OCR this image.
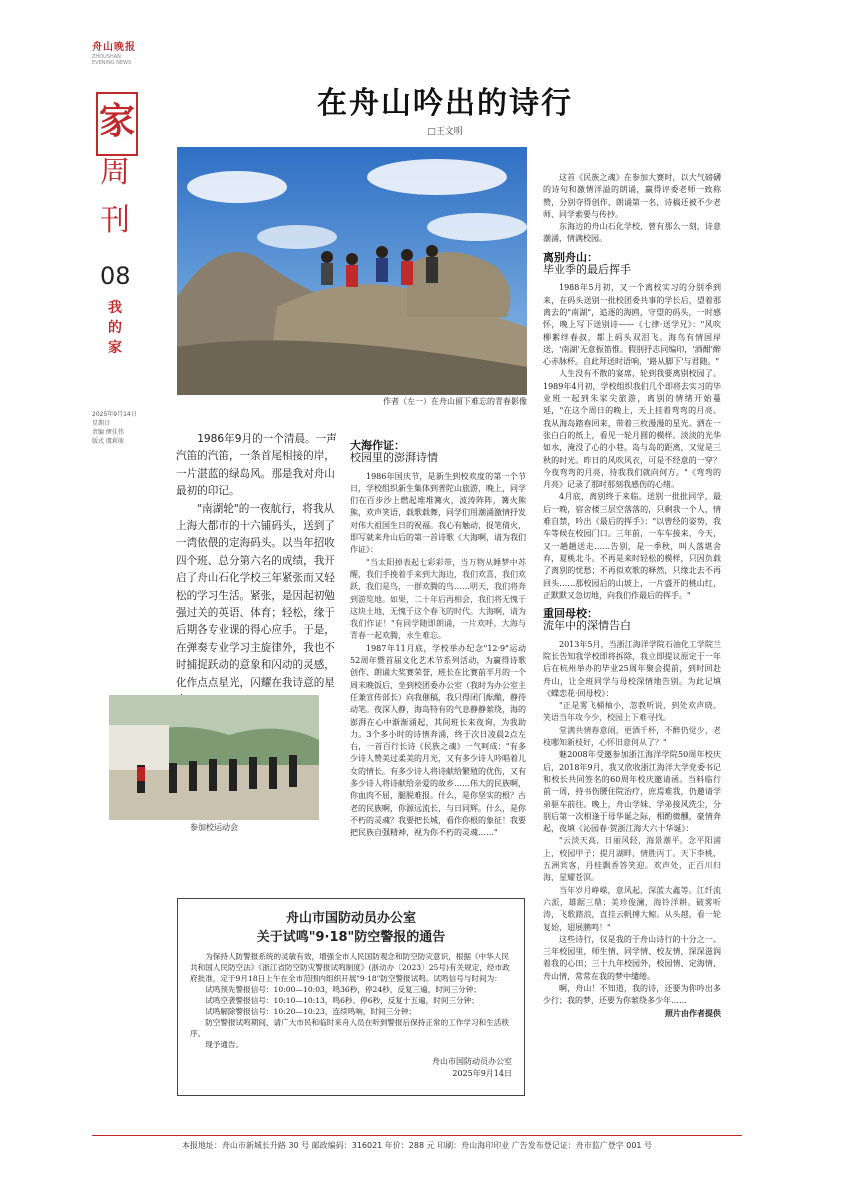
舟山晚报
ZHOUSHAN EVENING NEWS
家
周
刊
08
我的家
2025年9月14日
星期日
责编 缪佳伟
版式 虞莉萌
在舟山吟出的诗行
□王文明
作者（左一）在舟山留下难忘的青春影像

1986年9月的一个清晨。一声汽笛的汽笛，一条首尾相接的岸，一片湛蓝的绿岛风。那是我对舟山最初的印记。

"南湖轮"的一夜航行，将我从上海大都市的十六铺码头，送到了一湾依偎的定海码头。以当年招收四个班、总分第六名的成绩，我开启了舟山石化学校三年紧张而又轻松的学习生活。紧张，是因起初勉强过关的英语、体育；轻松，缘于后期各专业课的得心应手。于是，在弹奏专业学习主旋律外，我也不时捕捉跃动的意象和闪动的灵感，化作点点星光，闪耀在我诗意的星

参加校运动会
大海作证：
校园里的澎湃诗情

1986年国庆节，是新生到校欢度的第一个节日，学校组织新生集体到普陀山旅游，晚上，同学们在百步沙上燃起堆堆篝火，波涛阵阵，篝火熊熊，欢声笑语，载歌载舞，同学们用潮涌激情抒发对伟大祖国生日的祝福。我心有触动，捉笔倩火，即写就来舟山后的第一首诗歌《大海啊，请为我们作证》：

"当太阳掉表起七彩彩带，当万物从睡梦中苏醒，我们手挽着手来到大海边，我们欢喜，我们欢跃，我们是鸟，一群欢腾的鸟……明天，我们将奔到游览地。如果，二十年后再相会，我们将无愧于这块土地，无愧于这个春飞的时代。大海啊，请为我们作证！"有同学随即朗诵，一片欢呼。大海与青春一起欢腾，永生难忘。

1987年11月底，学校举办纪念"12·9"运动52周年暨首届文化艺术节系列活动，为赢得诗歌创作、朗诵大奖赛荣誉，班长在比赛前半月的一个周末晚饭后，坐到校团委办公室（我时为办公室主任兼宣传部长）向我催稿，我只得闭门酝酿，静待动笔。夜深人静，海岛特有的气息静静萦绕，海的澎湃在心中渐渐涌起，其间班长来夜询，为我助力。3个多小时的诗情奔涌，终于次日凌晨2点左右，一首百行长诗《民族之魂》一气呵成："有多少诗人赞美过柔美的月光，又有多少诗人吟唱着儿女的情长。有多少诗人将诗献给繁殖的优伤，又有多少诗人将诗献给亲爱的故乡……伟大的民族啊，你血肉不屈，腿脱难报。什么，是你坚实的根？古老的民族啊，你源远流长，与日同辉。什么，是你不朽的灵魂？我要把长城，看作你根的象征！我要把民族自强精神，视为你不朽的灵魂……"

这首《民族之魂》在参加大赛时，以大气磅礴的诗句和激情洋溢的朗诵，赢得评委老师一致称赞，分别夺得创作、朗诵第一名，诗稿还被不少老师、同学索要与传抄。

东海边的舟山石化学校，曾有那么一刻，诗意潮涌，情满校园。

离别舟山：
毕业季的最后挥手

1988年5月初，又一个离校实习的分别季到来，在码头送别一批校团委共事的学长后，望着那离去的"南湖"，追逐的海鸥，守望的码头，一时感怀，晚上写下送别诗——《七律·送学兄》："风吹柳絮绊春叔，都上码头双泪飞。海鸟有情国岸送，'南湖'无意振笛惟。假别抒志同编印，'酒酣'醉心赤脉杯。自此拜送时语响，'路从脚下'与君随。"

人生没有不散的宴席，轮到我要离别校园了。1989年4月初，学校组织我们几个即将去实习的毕业班一起到朱家尖旅游，离别的情绪开始蔓延，"在这个周日的晚上，天上挂着弯弯的月亮。我从海岛踏春回来，带着三枚漫漫的星光。洒在一张白白的纸上，看见一轮月圆的模样。淡淡的光华如水，淹没了心的小巷。岛与岛的距离，又觉是三秋的时光。昨日的风吹风衣，可是不经意的一穿？今夜弯弯的月亮，待我我们就向何方。"《弯弯的月亮》记录了那时那刻我感伤的心绪。

4月底，离别终于来临。送别一批批同学，最后一晚，宿舍楼三层空落落的，只剩我一个人，情难自禁，吟出《最后的挥手》："以曾经的姿势，我车等候在校园门口。三年前，一车车接来，今天，又一趟趟送走……告别，是一季秋，叫人落堪舍弃，夏桃北斗。不再是来时轻松的模样，只因负载了离别的忧愁；不再似欢歌的释然，只缘北去不再回头……那校园后的山坡上，一片盛开的桃山红，正默默又急切地，向我们作最后的挥手。"

重回母校：
流年中的深情告白

2013年5月，当浙江海洋学院石油化工学院兰院长告知我学校即将拆除，我立即提议原定于一年后在杭州举办的毕业25周年聚会提前，到时回赴舟山，让全班同学与母校深情地告别。为此记填《蝶恋花·回母校》：

"正是雾飞桶柚小，忽教听说，到处欢声晓。笑语当年攻今少，校园上下难寻找。

堂满共情春意闹，更酒千杯，不醉仍觉少，老枝哪知新枝好，心怀旧意何从了？"

魅2008年受邀参加浙江海洋学院50周年校庆后，2018年9月，我又欣收浙江海洋大学党委书记和校长共同签名的60周年校庆邀请函。当料临行前一周，持书伤腰住院治疗，庶焉难我，仍邀请学弟驱车前往。晚上，舟山学妹、学弟接风洗尘，分别后第一次相逢于母华诞之际，相酌微醺，豪情奔起，夜填《沁园春·贺浙江海大六十华诞》：

"云淡天高，日丽风轻，海景潮平。念平阳浦上，校园甲子；提月湖畔，情胜丙丁。天下李桃，五洲宾客，丹桂飘香答笑迎。欢声处，正百川归海，星耀苍溟。

当年岁月峥嵘，意风起，深蓝大鑫等。江纤流六派，雄踞三鼎；美珍俊澜，海铃洋耕。破雾听涛，飞歌踏浪，直挂云帆搏大鲸。从头越，看一轮复始，翅展鹏鸣！"

这些诗行，仅是我的于舟山诗行的十分之一。三年校园里，师生情、同学情、校友情，深深滋润着我的心田；三十九年校园外，校园情、定海情、舟山情，常常在我的梦中缱绻。

啊，舟山！不知道，我的诗，还要为你吟出多少行；我的梦，还要为你萦绕多少年……

照片由作者提供

舟山市国防动员办公室
关于试鸣"9·18"防空警报的通告

为保持人防警报系统的灵敏有效，增强全市人民国防观念和防空防灾意识，根据《中华人民共和国人民防空法》《浙江省防空防灾警报试鸣制度》(浙动办〔2023〕25号)有关规定，经市政府批准，定于9月18日上午在全市范围内组织开展"9·18"防空警报试鸣。试鸣信号与时间为：

试鸣预先警报信号：10:00—10:03，鸣36秒，停24秒，反复三遍，时间三分钟；

试鸣空袭警报信号：10:10—10:13，鸣6秒、停6秒，反复十五遍，时间三分钟；

试鸣解除警报信号：10:20—10:23，连续鸣响，时间三分钟；

防空警报试鸣期间，请广大市民和临时来舟人员在听到警报后保持正常的工作学习和生活秩序。

现予通告。

舟山市国防动员办公室
2025年9月14日
本报地址：舟山市新城长升路 30 号 邮政编码：316021 年价：288 元 印刷：舟山海印印业 广告发布登记证：舟市监广登字 001 号
